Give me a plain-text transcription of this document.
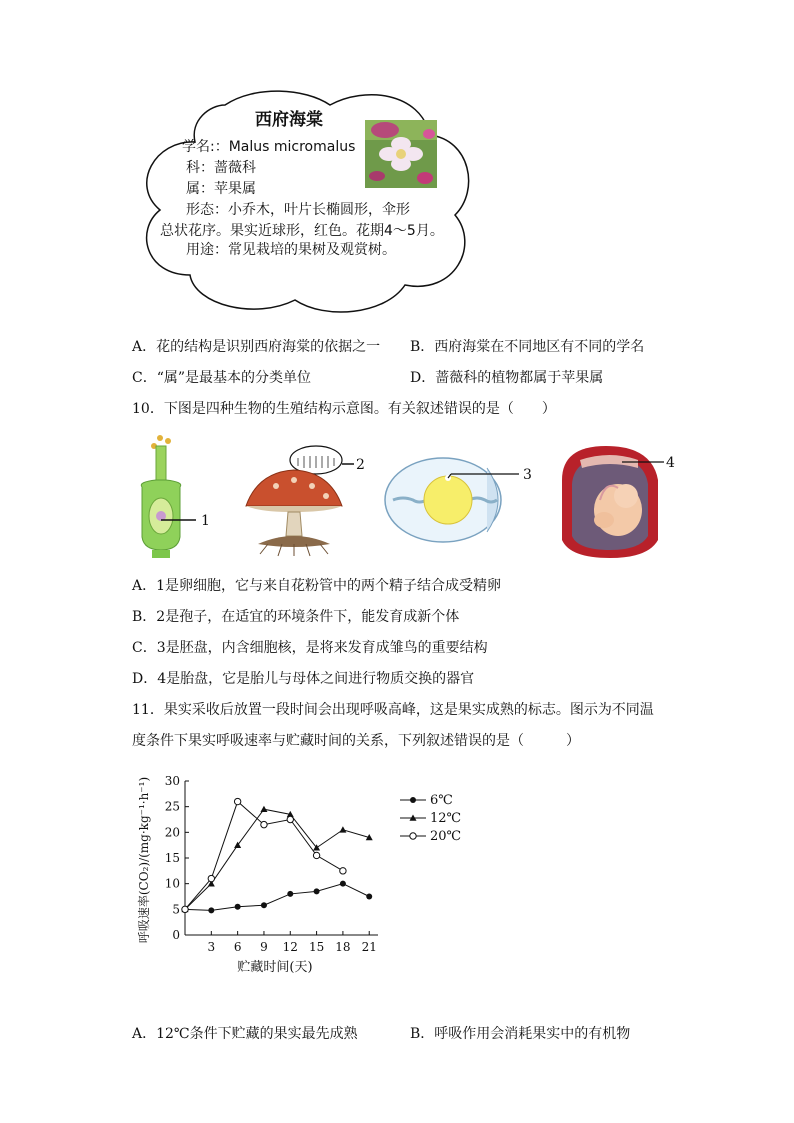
西府海棠
学名:：Malus micromalus
科：蔷薇科
属：苹果属
形态：小乔木，叶片长椭圆形，伞形
总状花序。果实近球形，红色。花期4～5月。
用途：常见栽培的果树及观赏树。
A．花的结构是识别西府海棠的依据之一 B．西府海棠在不同地区有不同的学名
C．“属”是最基本的分类单位	D．蔷薇科的植物都属于苹果属
10．下图是四种生物的生殖结构示意图。有关叙述错误的是（　　）
1
2
3
4
A．1是卵细胞，它与来自花粉管中的两个精子结合成受精卵
B．2是孢子，在适宜的环境条件下，能发育成新个体
C．3是胚盘，内含细胞核，是将来发育成雏鸟的重要结构
D．4是胎盘，它是胎儿与母体之间进行物质交换的器官
11．果实采收后放置一段时间会出现呼吸高峰，这是果实成熟的标志。图示为不同温
度条件下果实呼吸速率与贮藏时间的关系，下列叙述错误的是（　　　）
0
5
10
15
20
25
30
3 6 9 12 15 18 21
6℃
12℃
20℃
呼吸速率(CO₂)/(mg·kg⁻¹·h⁻¹)
贮藏时间(天)
A．12℃条件下贮藏的果实最先成熟	B．呼吸作用会消耗果实中的有机物
